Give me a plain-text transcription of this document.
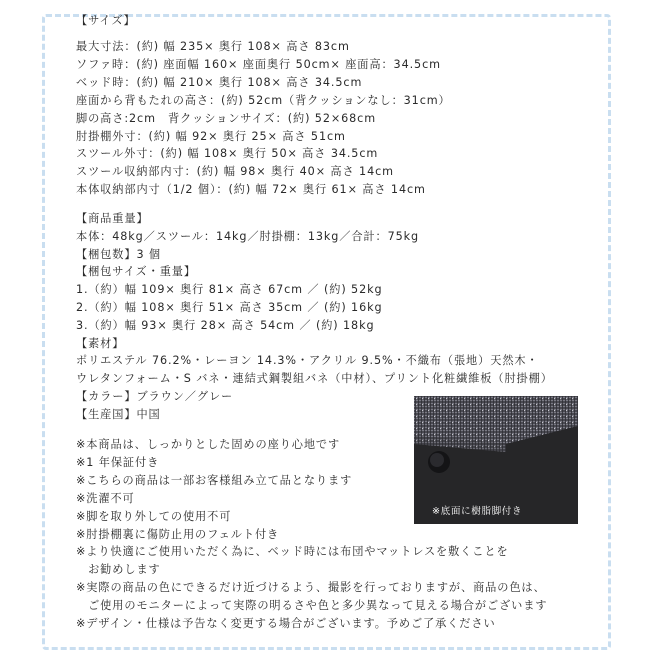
【サイズ】
最大寸法：(約) 幅 235× 奥行 108× 高さ 83cm
ソファ時：(約) 座面幅 160× 座面奥行 50cm× 座面高：34.5cm
ベッド時：(約) 幅 210× 奥行 108× 高さ 34.5cm
座面から背もたれの高さ：(約) 52cm（背クッションなし：31cm）
脚の高さ:2cm　背クッションサイズ：(約) 52×68cm
肘掛棚外寸：(約) 幅 92× 奥行 25× 高さ 51cm
スツール外寸：(約) 幅 108× 奥行 50× 高さ 34.5cm
スツール収納部内寸：(約) 幅 98× 奥行 40× 高さ 14cm
本体収納部内寸（1/2 個）：(約) 幅 72× 奥行 61× 高さ 14cm
【商品重量】
本体：48kg／スツール：14kg／肘掛棚：13kg／合計：75kg
【梱包数】3 個
【梱包サイズ・重量】
1.（約）幅 109× 奥行 81× 高さ 67cm ／ (約) 52kg
2.（約）幅 108× 奥行 51× 高さ 35cm ／ (約) 16kg
3.（約）幅 93× 奥行 28× 高さ 54cm ／ (約) 18kg
【素材】
ポリエステル 76.2%・レーヨン 14.3%・アクリル 9.5%・不織布（張地）天然木・
ウレタンフォーム・S バネ・連結式鋼製組バネ（中材）、プリント化粧繊維板（肘掛棚）
【カラー】ブラウン／グレー
【生産国】中国
※本商品は、しっかりとした固めの座り心地です
※1 年保証付き
※こちらの商品は一部お客様組み立て品となります
※洗濯不可
※脚を取り外しての使用不可
※肘掛棚裏に傷防止用のフェルト付き
※より快適にご使用いただく為に、ベッド時には布団やマットレスを敷くことを
　お勧めします
※実際の商品の色にできるだけ近づけるよう、撮影を行っておりますが、商品の色は、
　ご使用のモニターによって実際の明るさや色と多少異なって見える場合がございます
※デザイン・仕様は予告なく変更する場合がございます。予めご了承ください
※底面に樹脂脚付き
